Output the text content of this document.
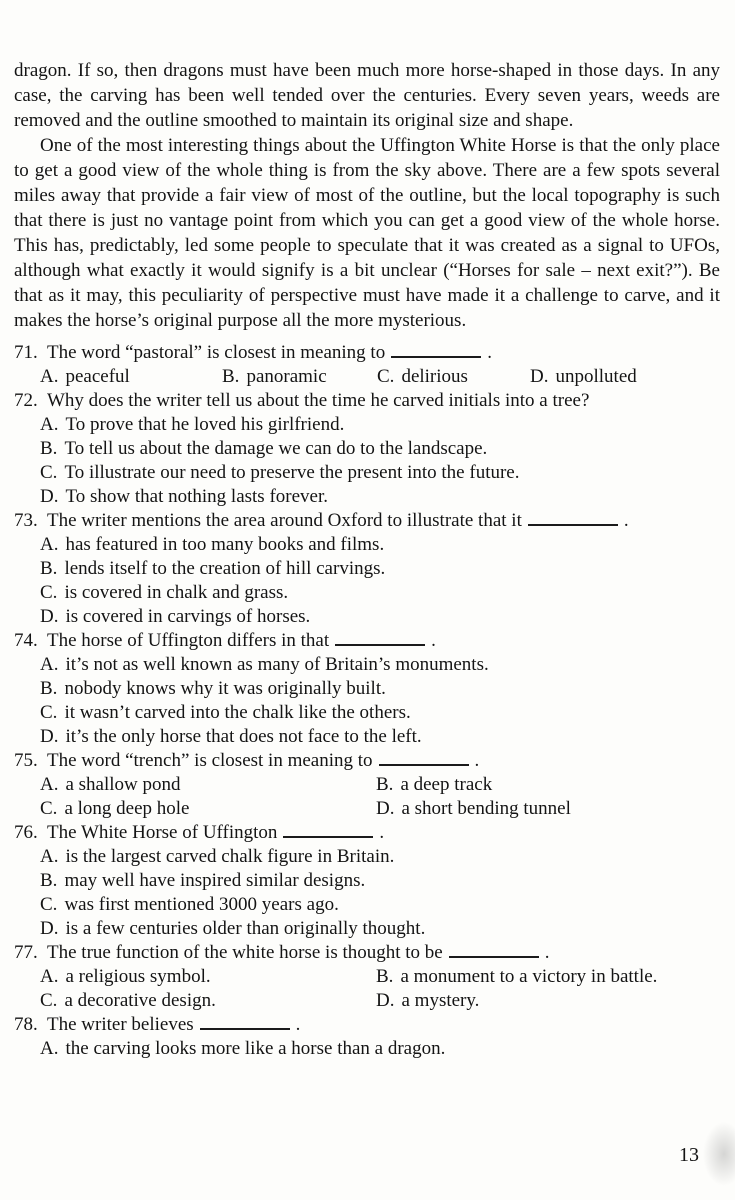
dragon. If so, then dragons must have been much more horse-shaped in those days. In any case, the carving has been well tended over the centuries. Every seven years, weeds are removed and the outline smoothed to maintain its original size and shape.

One of the most interesting things about the Uffington White Horse is that the only place to get a good view of the whole thing is from the sky above. There are a few spots several miles away that provide a fair view of most of the outline, but the local topography is such that there is just no vantage point from which you can get a good view of the whole horse. This has, predictably, led some people to speculate that it was created as a signal to UFOs, although what exactly it would signify is a bit unclear (“Horses for sale – next exit?”). Be that as it may, this peculiarity of perspective must have made it a challenge to carve, and it makes the horse’s original purpose all the more mysterious.

71. The word “pastoral” is closest in meaning to	.
A. peaceful	B. panoramic	C. delirious	D. unpolluted
72. Why does the writer tell us about the time he carved initials into a tree?
A. To prove that he loved his girlfriend.
B. To tell us about the damage we can do to the landscape.
C. To illustrate our need to preserve the present into the future.
D. To show that nothing lasts forever.
73. The writer mentions the area around Oxford to illustrate that it	.
A. has featured in too many books and films.
B. lends itself to the creation of hill carvings.
C. is covered in chalk and grass.
D. is covered in carvings of horses.
74. The horse of Uffington differs in that	.
A. it’s not as well known as many of Britain’s monuments.
B. nobody knows why it was originally built.
C. it wasn’t carved into the chalk like the others.
D. it’s the only horse that does not face to the left.
75. The word “trench” is closest in meaning to	.
A. a shallow pond	B. a deep track
C. a long deep hole	D. a short bending tunnel
76. The White Horse of Uffington	.
A. is the largest carved chalk figure in Britain.
B. may well have inspired similar designs.
C. was first mentioned 3000 years ago.
D. is a few centuries older than originally thought.
77. The true function of the white horse is thought to be	.
A. a religious symbol.	B. a monument to a victory in battle.
C. a decorative design.	D. a mystery.
78. The writer believes	.
A. the carving looks more like a horse than a dragon.
13
